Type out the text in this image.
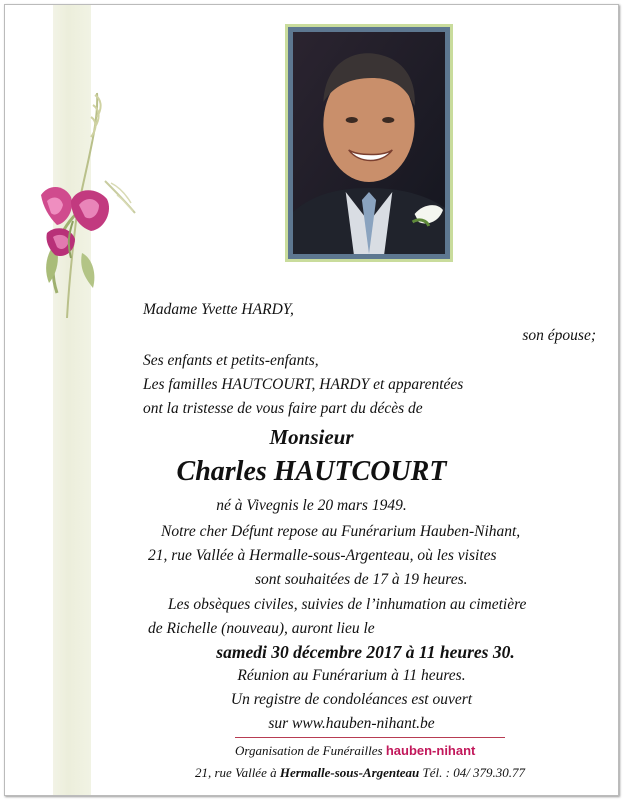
Madame Yvette HARDY,
son épouse;
Ses enfants et petits-enfants,
Les familles HAUTCOURT, HARDY et apparentées
ont la tristesse de vous faire part du décès de
Monsieur
Charles HAUTCOURT
né à Vivegnis le 20 mars 1949.
Notre cher Défunt repose au Funérarium Hauben-Nihant,
21, rue Vallée à Hermalle-sous-Argenteau, où les visites
sont souhaitées de 17 à 19 heures.
Les obsèques civiles, suivies de l’inhumation au cimetière
de Richelle (nouveau), auront lieu le
samedi 30 décembre 2017 à 11 heures 30.
Réunion au Funérarium à 11 heures.
Un registre de condoléances est ouvert
sur www.hauben-nihant.be
Organisation de Funérailles hauben-nihant
21, rue Vallée à Hermalle-sous-Argenteau Tél. : 04/ 379.30.77
